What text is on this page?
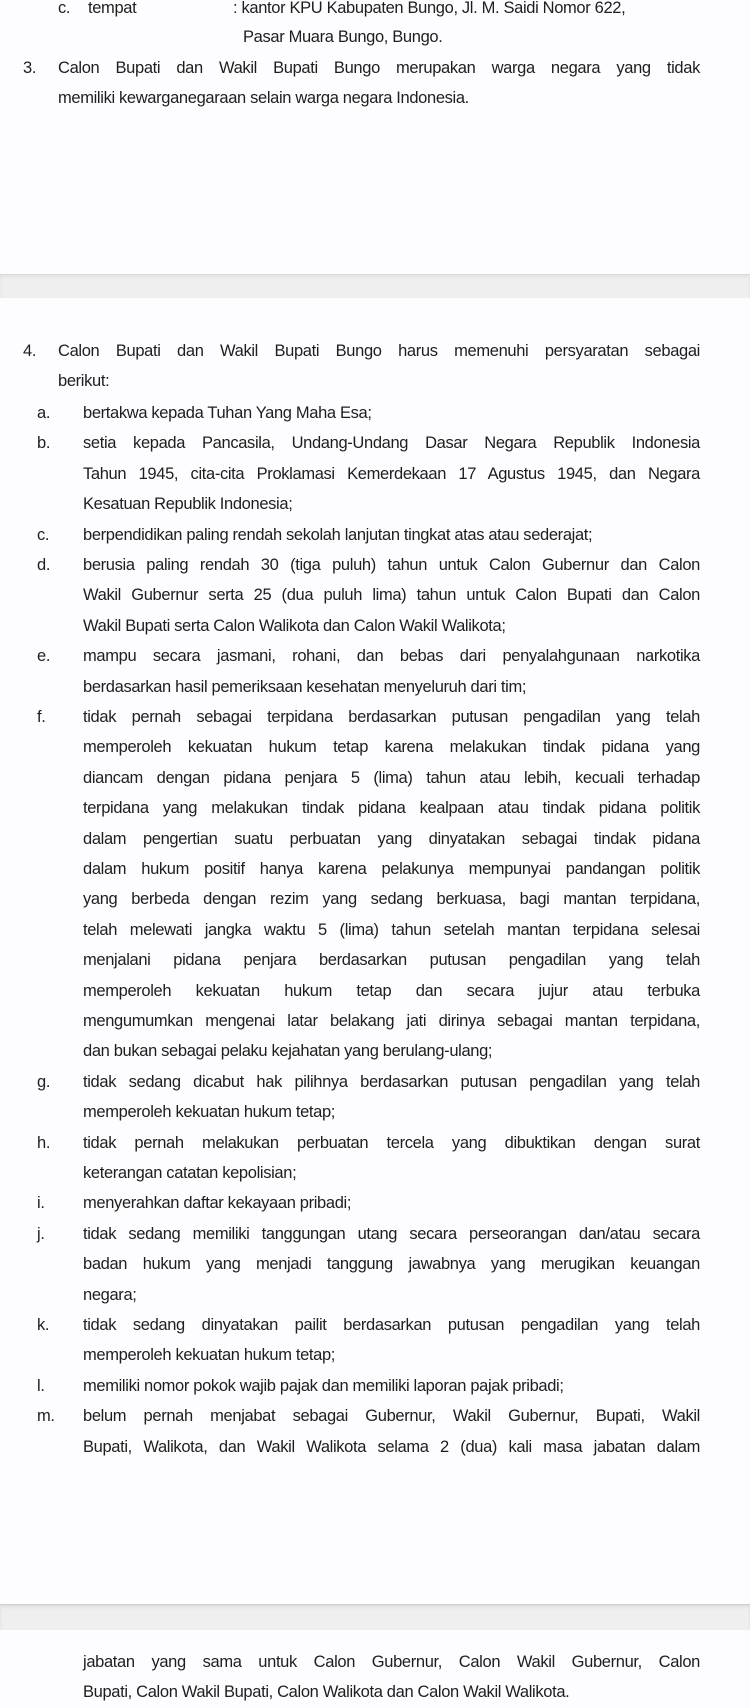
c. tempat	: kantor KPU Kabupaten Bungo, Jl. M. Saidi Nomor 622,
Pasar Muara Bungo, Bungo.
3. Calon Bupati dan Wakil Bupati Bungo merupakan warga negara yang tidak
memiliki kewarganegaraan selain warga negara Indonesia.
4. Calon Bupati dan Wakil Bupati Bungo harus memenuhi persyaratan sebagai
berikut:
a. bertakwa kepada Tuhan Yang Maha Esa;
b. setia kepada Pancasila, Undang-Undang Dasar Negara Republik Indonesia
Tahun 1945, cita-cita Proklamasi Kemerdekaan 17 Agustus 1945, dan Negara
Kesatuan Republik Indonesia;
c. berpendidikan paling rendah sekolah lanjutan tingkat atas atau sederajat;
d. berusia paling rendah 30 (tiga puluh) tahun untuk Calon Gubernur dan Calon
Wakil Gubernur serta 25 (dua puluh lima) tahun untuk Calon Bupati dan Calon
Wakil Bupati serta Calon Walikota dan Calon Wakil Walikota;
e. mampu secara jasmani, rohani, dan bebas dari penyalahgunaan narkotika
berdasarkan hasil pemeriksaan kesehatan menyeluruh dari tim;
f. tidak pernah sebagai terpidana berdasarkan putusan pengadilan yang telah
memperoleh kekuatan hukum tetap karena melakukan tindak pidana yang
diancam dengan pidana penjara 5 (lima) tahun atau lebih, kecuali terhadap
terpidana yang melakukan tindak pidana kealpaan atau tindak pidana politik
dalam pengertian suatu perbuatan yang dinyatakan sebagai tindak pidana
dalam hukum positif hanya karena pelakunya mempunyai pandangan politik
yang berbeda dengan rezim yang sedang berkuasa, bagi mantan terpidana,
telah melewati jangka waktu 5 (lima) tahun setelah mantan terpidana selesai
menjalani pidana penjara berdasarkan putusan pengadilan yang telah
memperoleh kekuatan hukum tetap dan secara jujur atau terbuka
mengumumkan mengenai latar belakang jati dirinya sebagai mantan terpidana,
dan bukan sebagai pelaku kejahatan yang berulang-ulang;
g. tidak sedang dicabut hak pilihnya berdasarkan putusan pengadilan yang telah
memperoleh kekuatan hukum tetap;
h. tidak pernah melakukan perbuatan tercela yang dibuktikan dengan surat
keterangan catatan kepolisian;
i. menyerahkan daftar kekayaan pribadi;
j. tidak sedang memiliki tanggungan utang secara perseorangan dan/atau secara
badan hukum yang menjadi tanggung jawabnya yang merugikan keuangan
negara;
k. tidak sedang dinyatakan pailit berdasarkan putusan pengadilan yang telah
memperoleh kekuatan hukum tetap;
l. memiliki nomor pokok wajib pajak dan memiliki laporan pajak pribadi;
m. belum pernah menjabat sebagai Gubernur, Wakil Gubernur, Bupati, Wakil
Bupati, Walikota, dan Wakil Walikota selama 2 (dua) kali masa jabatan dalam
jabatan yang sama untuk Calon Gubernur, Calon Wakil Gubernur, Calon
Bupati, Calon Wakil Bupati, Calon Walikota dan Calon Wakil Walikota.
